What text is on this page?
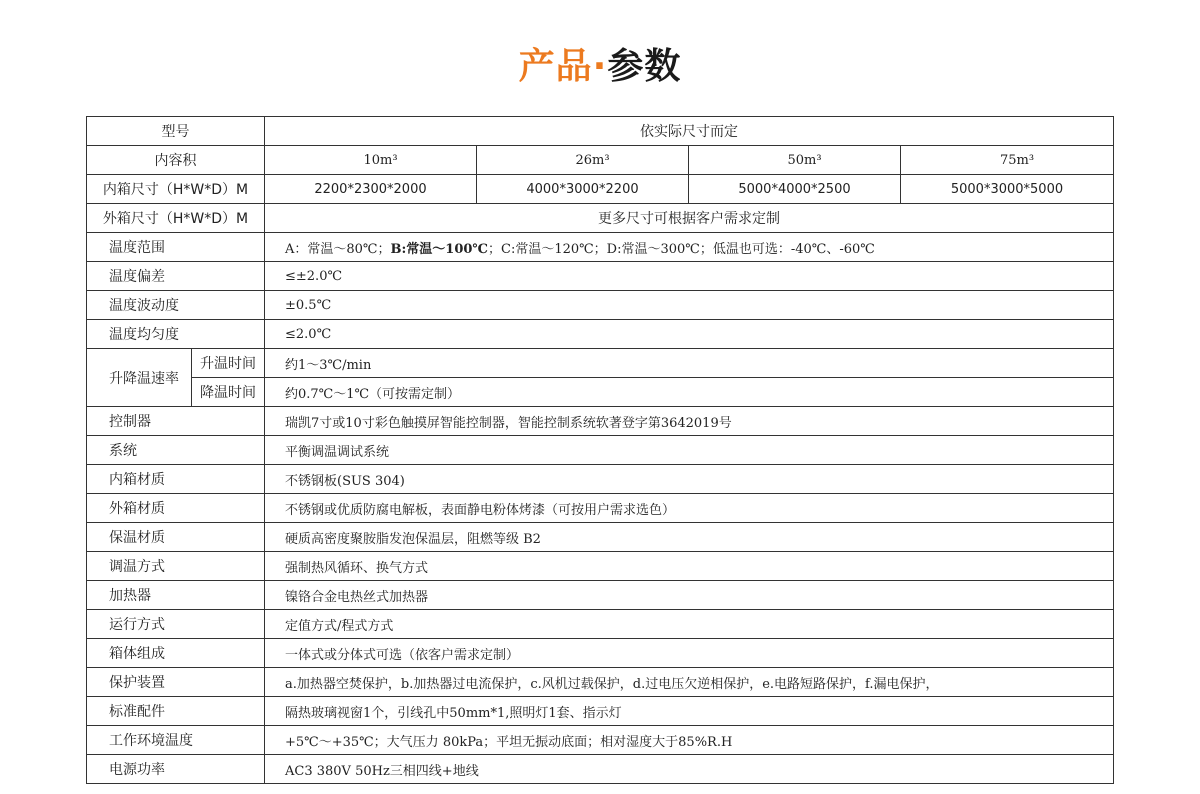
产品·参数
型号		依实际尺寸而定			
内容积		10m³	26m³	50m³	75m³
内箱尺寸（H*W*D）M		2200*2300*2000	4000*3000*2200	5000*4000*2500	5000*3000*5000
外箱尺寸（H*W*D）M		更多尺寸可根据客户需求定制			
温度范围		A：常温～80℃；B:常温～100℃；C:常温～120℃；D:常温～300℃；低温也可选：-40℃、-60℃			
温度偏差		≤±2.0℃			
温度波动度		±0.5℃			
温度均匀度		≤2.0℃			
升降温速率	升温时间	约1～3℃/min			
	降温时间	约0.7℃～1℃（可按需定制）			
控制器		瑞凯7寸或10寸彩色触摸屏智能控制器，智能控制系统软著登字第3642019号			
系统		平衡调温调试系统			
内箱材质		不锈钢板(SUS 304)			
外箱材质		不锈钢或优质防腐电解板，表面静电粉体烤漆（可按用户需求选色）			
保温材质		硬质高密度聚胺脂发泡保温层，阻燃等级 B2			
调温方式		强制热风循环、换气方式			
加热器		镍铬合金电热丝式加热器			
运行方式		定值方式/程式方式			
箱体组成		一体式或分体式可选（依客户需求定制）			
保护装置		a.加热器空焚保护，b.加热器过电流保护，c.风机过载保护，d.过电压欠逆相保护，e.电路短路保护，f.漏电保护，			
标准配件		隔热玻璃视窗1个，引线孔中50mm*1,照明灯1套、指示灯			
工作环境温度		+5℃～+35℃；大气压力 80kPa；平坦无振动底面；相对湿度大于85%R.H			
电源功率		AC3 380V 50Hz三相四线+地线			
